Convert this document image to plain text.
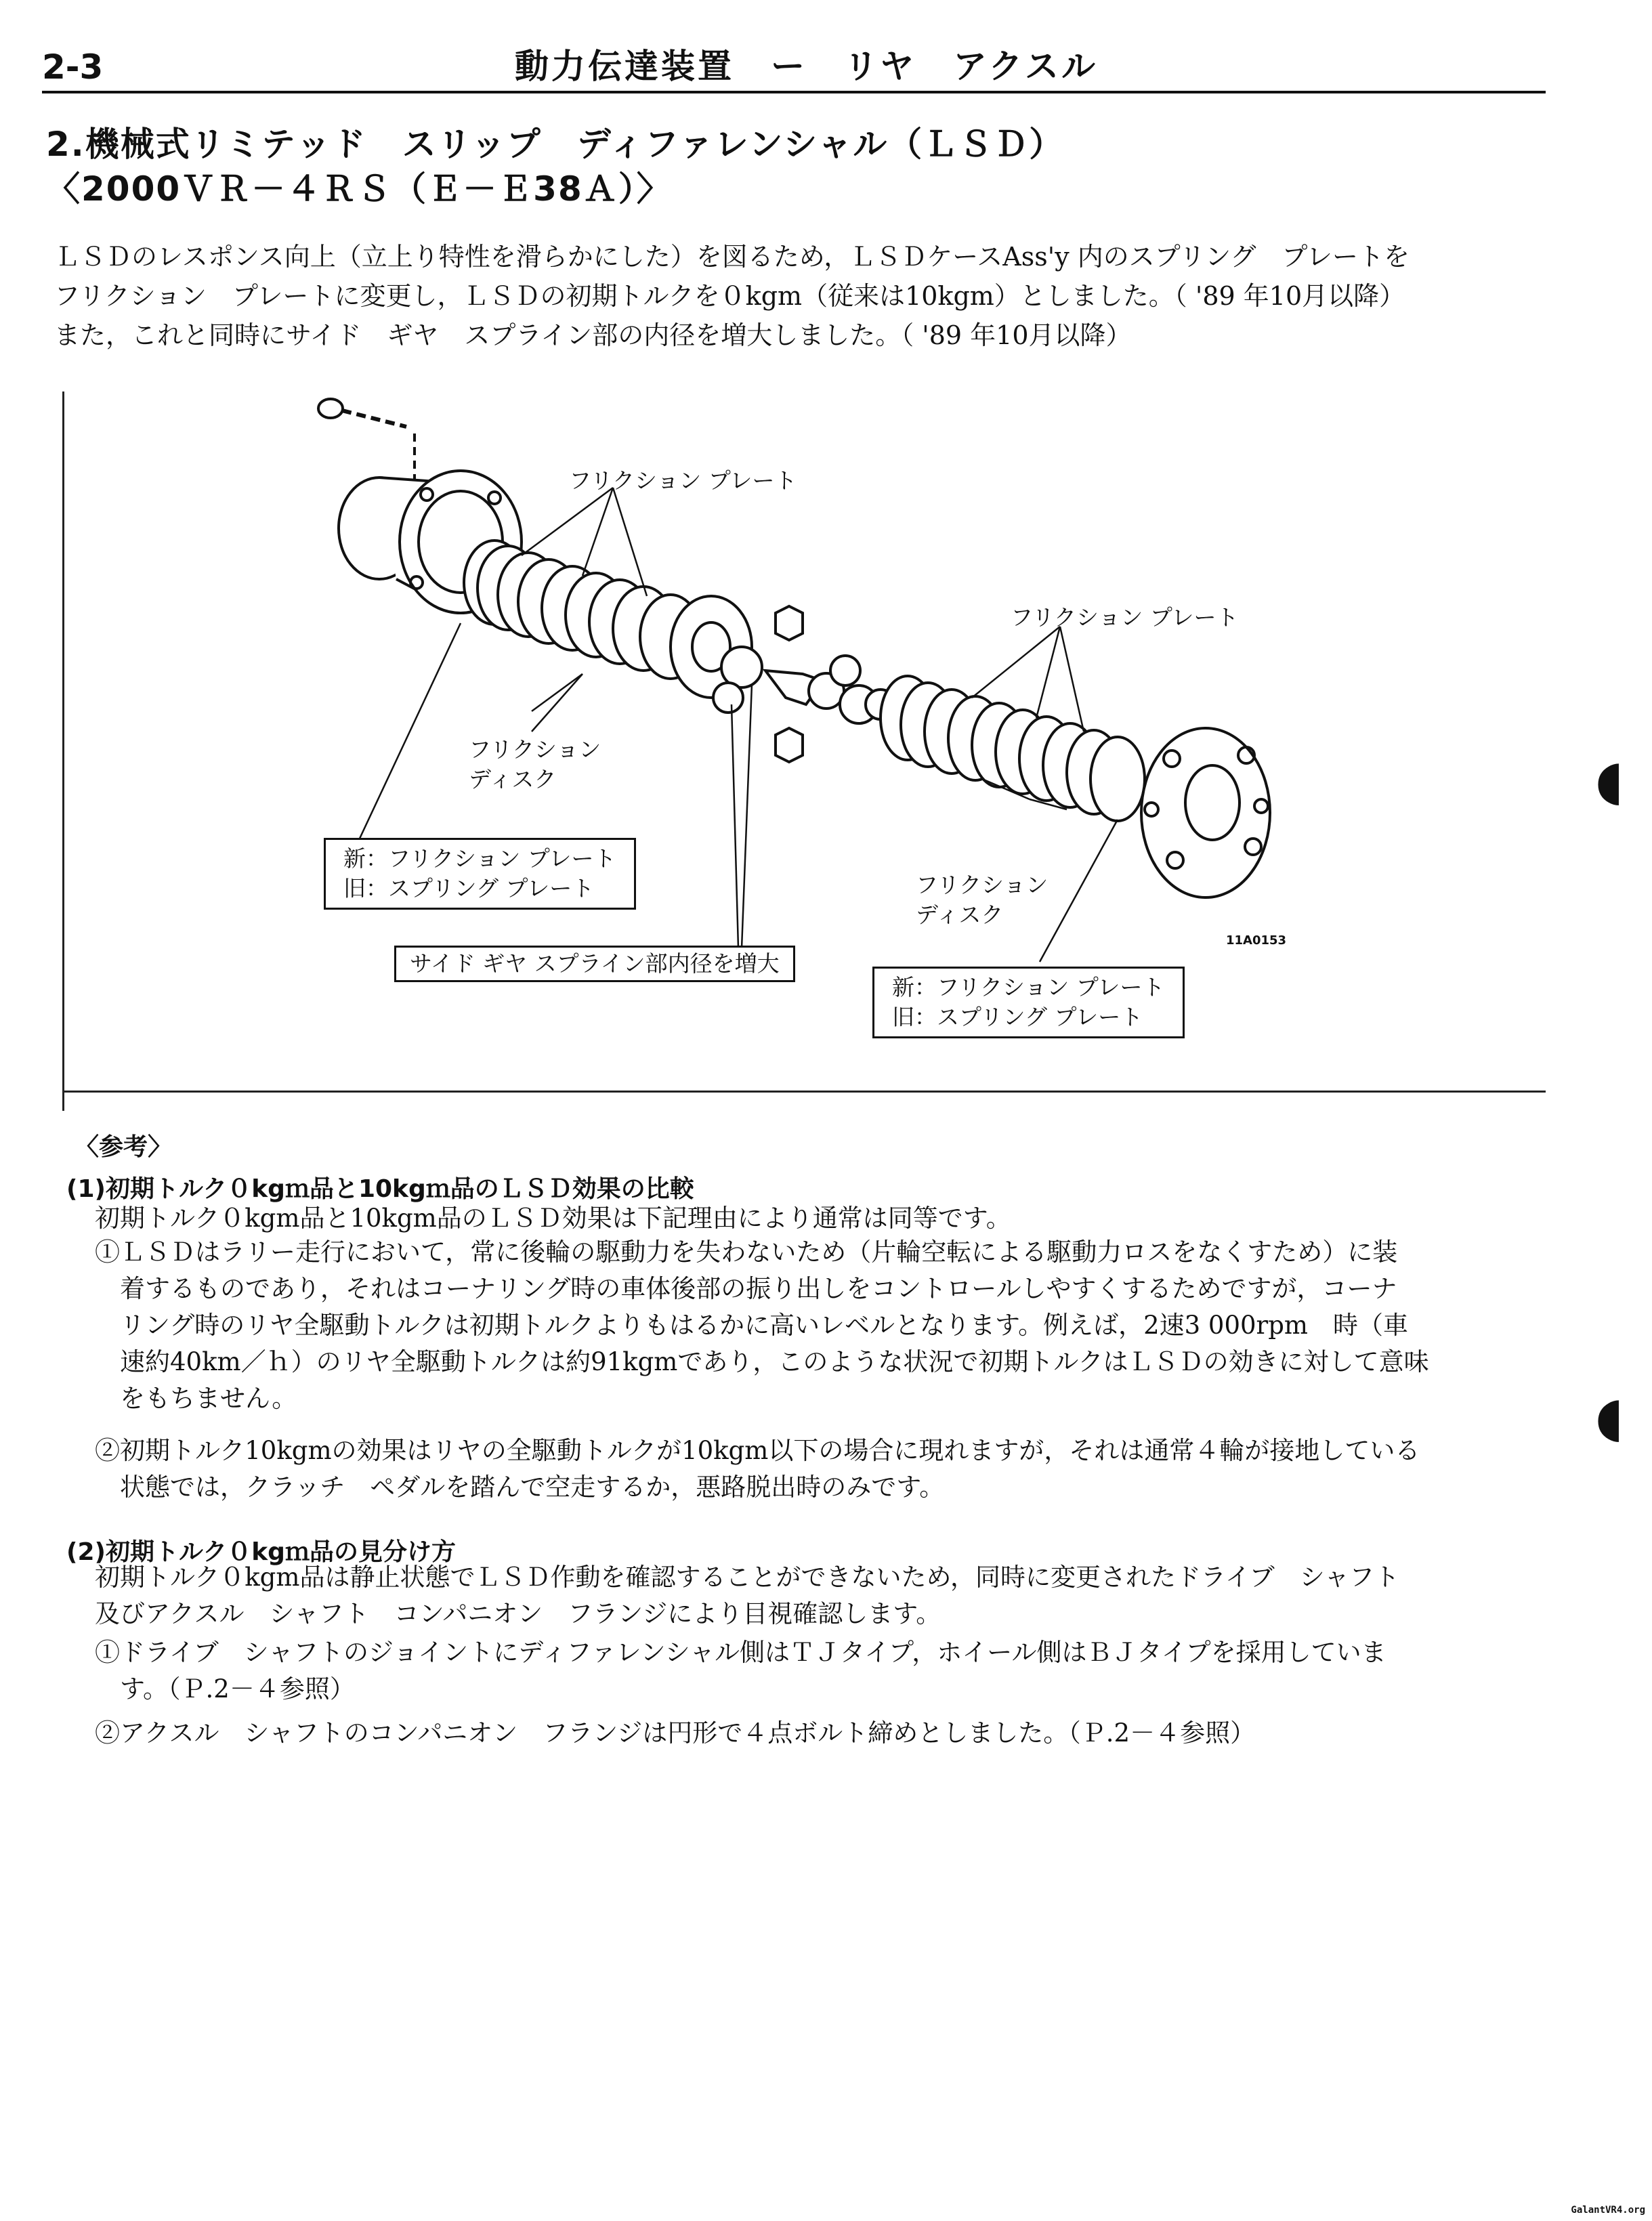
2-3	動力伝達装置　ー　リヤ　アクスル
2.機械式リミテッド　スリップ　ディファレンシャル（ＬＳＤ）
〈2000ＶＲ－４ＲＳ（Ｅ－Ｅ38Ａ）〉
ＬＳＤのレスポンス向上（立上り特性を滑らかにした）を図るため，ＬＳＤケースAss'y 内のスプリング　プレートを
フリクション　プレートに変更し，ＬＳＤの初期トルクを０kgm（従来は10kgm）としました。（ '89 年10月以降）
また，これと同時にサイド　ギヤ　スプライン部の内径を増大しました。（ '89 年10月以降）
フリクション プレート
フリクション プレート
フリクション
ディスク
フリクション
ディスク
新：フリクション プレート
旧：スプリング プレート
サイド ギヤ スプライン部内径を増大
新：フリクション プレート
旧：スプリング プレート
11A0153
〈参考〉
(1)初期トルク０kgｍ品と10kgｍ品のＬＳＤ効果の比較
初期トルク０kgm品と10kgm品のＬＳＤ効果は下記理由により通常は同等です。
①ＬＳＤはラリー走行において，常に後輪の駆動力を失わないため（片輪空転による駆動力ロスをなくすため）に装
　着するものであり，それはコーナリング時の車体後部の振り出しをコントロールしやすくするためですが，コーナ
　リング時のリヤ全駆動トルクは初期トルクよりもはるかに高いレベルとなります。例えば，2速3 000rpm　時（車
　速約40km／ｈ）のリヤ全駆動トルクは約91kgmであり，このような状況で初期トルクはＬＳＤの効きに対して意味
　をもちません。
②初期トルク10kgmの効果はリヤの全駆動トルクが10kgm以下の場合に現れますが，それは通常４輪が接地している
　状態では，クラッチ　ペダルを踏んで空走するか，悪路脱出時のみです。
(2)初期トルク０kgｍ品の見分け方
初期トルク０kgm品は静止状態でＬＳＤ作動を確認することができないため，同時に変更されたドライブ　シャフト
及びアクスル　シャフト　コンパニオン　フランジにより目視確認します。
①ドライブ　シャフトのジョイントにディファレンシャル側はＴＪタイプ，ホイール側はＢＪタイプを採用していま
　す。（Ｐ.2－４参照）
②アクスル　シャフトのコンパニオン　フランジは円形で４点ボルト締めとしました。（Ｐ.2－４参照）
◖
◖
GalantVR4.org
